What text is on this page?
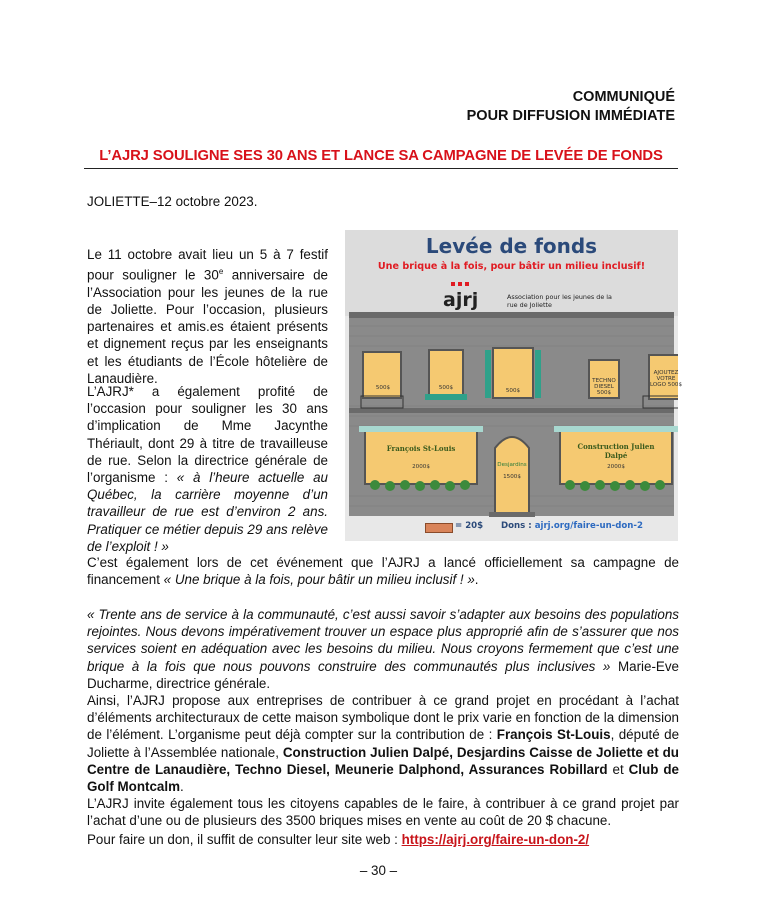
COMMUNIQUÉ
POUR DIFFUSION IMMÉDIATE
L’AJRJ SOULIGNE SES 30 ANS ET LANCE SA CAMPAGNE DE LEVÉE DE FONDS
JOLIETTE–12 octobre 2023.
Le 11 octobre avait lieu un 5 à 7 festif pour souligner le 30e anniversaire de l’Association pour les jeunes de la rue de Joliette. Pour l’occasion, plusieurs partenaires et amis.es étaient présents et dignement reçus par les enseignants et les étudiants de l’École hôtelière de Lanaudière.
L’AJRJ* a également profité de l’occasion pour souligner les 30 ans d’implication de Mme Jacynthe Thériault, dont 29 à titre de travailleuse de rue. Selon la directrice générale de l’organisme : « à l’heure actuelle au Québec, la carrière moyenne d’un travailleur de rue est d’environ 2 ans. Pratiquer ce métier depuis 29 ans relève de l’exploit ! »
Levée de fonds
Une brique à la fois, pour bâtir un milieu inclusif!
ajrj	Association pour les jeunes de la rue de Joliette
500$	500$	500$
TECHNO DIESEL 500$
AJOUTEZ VOTRE LOGO 500$
François St-Louis
2000$	Desjardins
1500$
Construction Julien Dalpé
2000$
= 20$ Dons : ajrj.org/faire-un-don-2
C’est également lors de cet événement que l’AJRJ a lancé officiellement sa campagne de financement « Une brique à la fois, pour bâtir un milieu inclusif ! ».
« Trente ans de service à la communauté, c’est aussi savoir s’adapter aux besoins des populations rejointes. Nous devons impérativement trouver un espace plus approprié afin de s’assurer que nos services soient en adéquation avec les besoins du milieu. Nous croyons fermement que c’est une brique à la fois que nous pouvons construire des communautés plus inclusives » Marie-Eve Ducharme, directrice générale.
Ainsi, l’AJRJ propose aux entreprises de contribuer à ce grand projet en procédant à l’achat d’éléments architecturaux de cette maison symbolique dont le prix varie en fonction de la dimension de l’élément. L’organisme peut déjà compter sur la contribution de : François St-Louis, député de Joliette à l’Assemblée nationale, Construction Julien Dalpé, Desjardins Caisse de Joliette et du Centre de Lanaudière, Techno Diesel, Meunerie Dalphond, Assurances Robillard et Club de Golf Montcalm.
L’AJRJ invite également tous les citoyens capables de le faire, à contribuer à ce grand projet par l’achat d’une ou de plusieurs des 3500 briques mises en vente au coût de 20 $ chacune.
Pour faire un don, il suffit de consulter leur site web : https://ajrj.org/faire-un-don-2/
– 30 –
